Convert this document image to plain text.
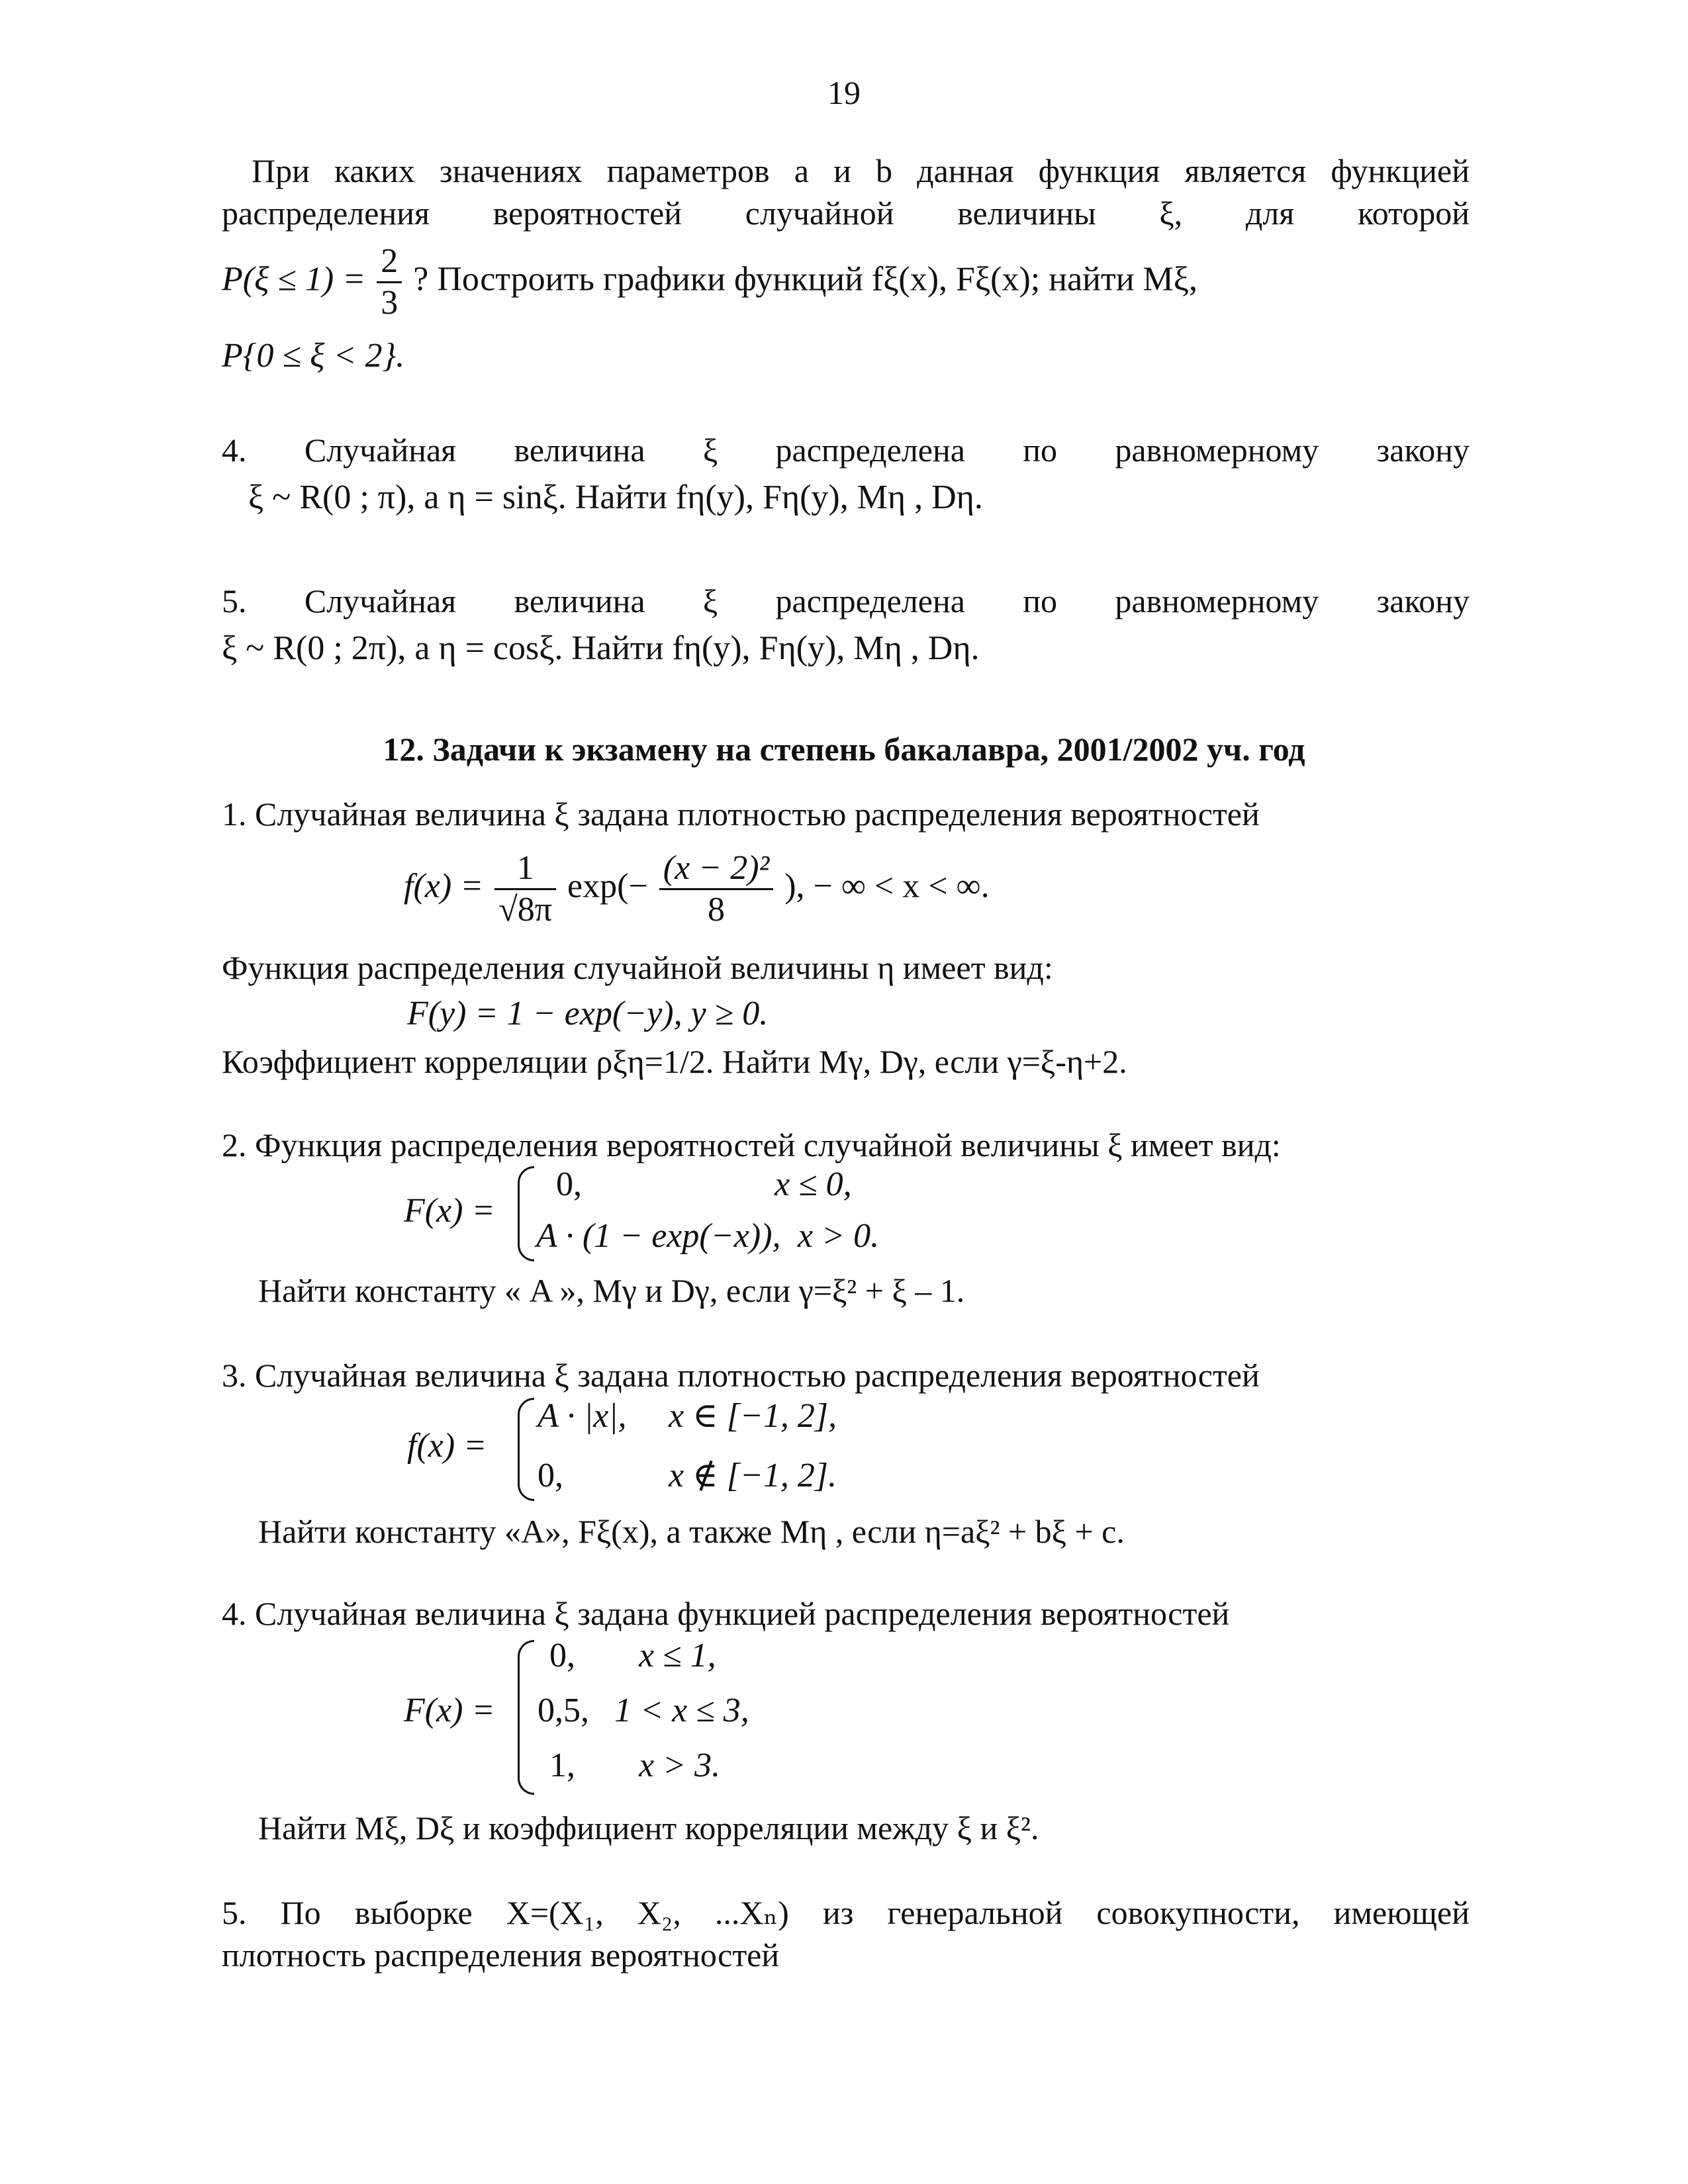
19
При каких значениях параметров a и b данная функция является функцией
распределения вероятностей случайной величины ξ, для которой
$P(\xi \le 1) = \frac{2}{3}$ ? Построить графики функций fξ(x), Fξ(x); найти Mξ,
P{0 ≤ ξ < 2}.
4. Случайная величина ξ распределена по равномерному закону
ξ ~ R(0 ; π), а η = sinξ. Найти fη(y), Fη(y), Mη , Dη.
5. Случайная величина ξ распределена по равномерному закону
ξ ~ R(0 ; 2π), а η = cosξ. Найти fη(y), Fη(y), Mη , Dη.
12. Задачи к экзамену на степень бакалавра, 2001/2002 уч. год
1. Случайная величина ξ задана плотностью распределения вероятностей
$f(x) = \frac{1}{√8\pi} \exp(- \frac{\text{(x − 2)²}}{8}$ ), − ∞ < x < ∞.
Функция распределения случайной величины η имеет вид:
F(y) = 1 − exp(−y), y ≥ 0.
Коэффициент корреляции ρξη=1/2. Найти Mγ, Dγ, если γ=ξ-η+2.
2. Функция распределения вероятностей случайной величины ξ имеет вид:
F(x) =
0,	x ≤ 0,
A · (1 − exp(−x)), x > 0.
Найти константу « A », Mγ и Dγ, если γ=ξ² + ξ – 1.
3. Случайная величина ξ задана плотностью распределения вероятностей
f(x) =
A · |x|, x ∈ [−1, 2],
0,	x ∉ [−1, 2].
Найти константу «A», Fξ(x), а также Mη , если η=aξ² + bξ + c.
4. Случайная величина ξ задана функцией распределения вероятностей
F(x) =
0, x ≤ 1,
0,5, 1 < x ≤ 3,
1, x > 3.
Найти Mξ, Dξ и коэффициент корреляции между ξ и ξ².
5. По выборке X=(X₁, X₂, ...Xₙ) из генеральной совокупности, имеющей
плотность распределения вероятностей
